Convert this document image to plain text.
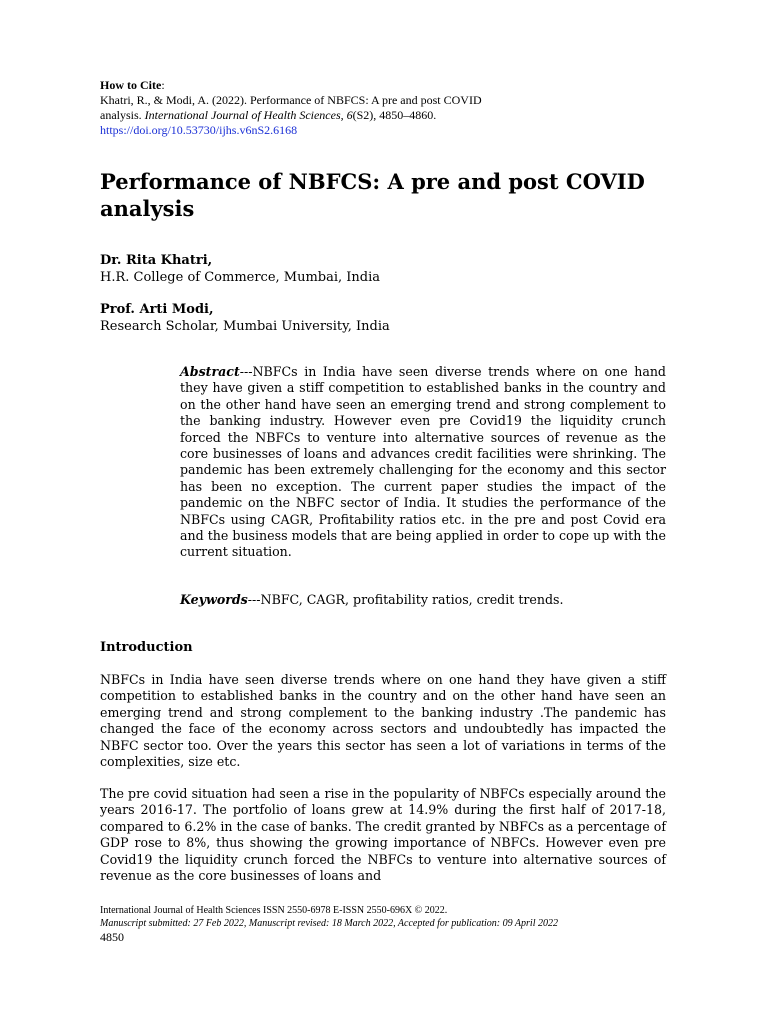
How to Cite:
Khatri, R., & Modi, A. (2022). Performance of NBFCS: A pre and post COVID
analysis. International Journal of Health Sciences, 6(S2), 4850–4860.
https://doi.org/10.53730/ijhs.v6nS2.6168
Performance of NBFCS: A pre and post COVID analysis
Dr. Rita Khatri,
H.R. College of Commerce, Mumbai, India
Prof. Arti Modi,
Research Scholar, Mumbai University, India
Abstract---NBFCs in India have seen diverse trends where on one hand they have given a stiff competition to established banks in the country and on the other hand have seen an emerging trend and strong complement to the banking industry. However even pre Covid19 the liquidity crunch forced the NBFCs to venture into alternative sources of revenue as the core businesses of loans and advances credit facilities were shrinking. The pandemic has been extremely challenging for the economy and this sector has been no exception. The current paper studies the impact of the pandemic on the NBFC sector of India. It studies the performance of the NBFCs using CAGR, Profitability ratios etc. in the pre and post Covid era and the business models that are being applied in order to cope up with the current situation.
Keywords---NBFC, CAGR, profitability ratios, credit trends.
Introduction

NBFCs in India have seen diverse trends where on one hand they have given a stiff competition to established banks in the country and on the other hand have seen an emerging trend and strong complement to the banking industry .The pandemic has changed the face of the economy across sectors and undoubtedly has impacted the NBFC sector too. Over the years this sector has seen a lot of variations in terms of the complexities, size etc.

The pre covid situation had seen a rise in the popularity of NBFCs especially around the years 2016-17. The portfolio of loans grew at 14.9% during the first half of 2017-18, compared to 6.2% in the case of banks. The credit granted by NBFCs as a percentage of GDP rose to 8%, thus showing the growing importance of NBFCs. However even pre Covid19 the liquidity crunch forced the NBFCs to venture into alternative sources of revenue as the core businesses of loans and

International Journal of Health Sciences ISSN 2550-6978 E-ISSN 2550-696X © 2022.
Manuscript submitted: 27 Feb 2022, Manuscript revised: 18 March 2022, Accepted for publication: 09 April 2022
4850
